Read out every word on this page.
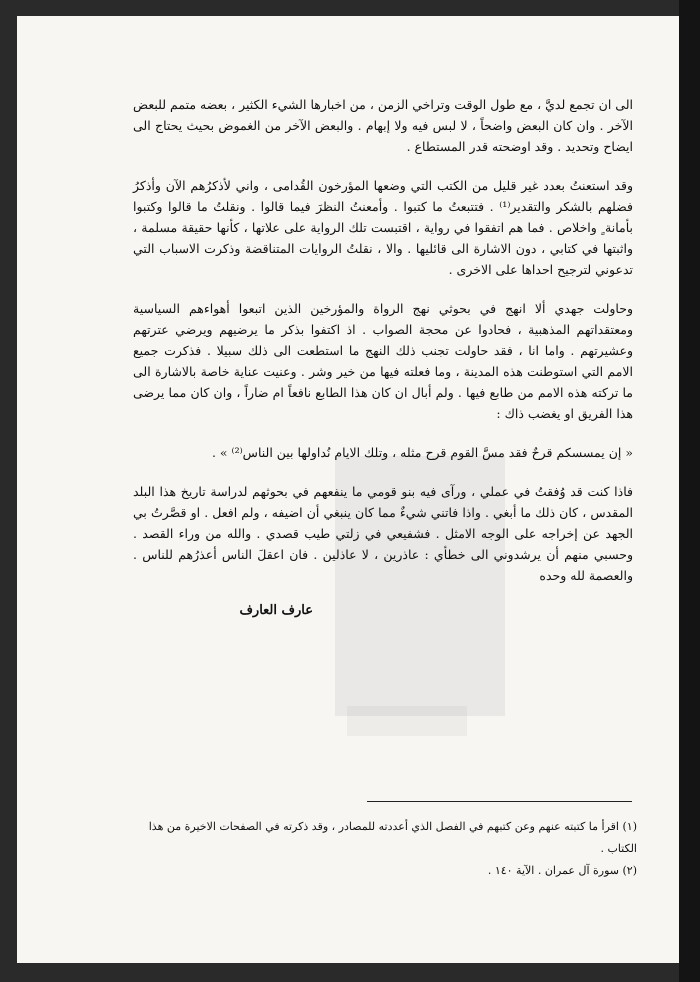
الى ان تجمع لديَّ ، مع طول الوقت وتراخي الزمن ، من اخبارها الشيء الكثير ، بعضه متمم للبعض الآخر . وان كان البعض واضحاً ، لا لبس فيه ولا إبهام . والبعض الآخر من الغموض بحيث يحتاج الى ايضاح وتحديد . وقد اوضحته قدر المستطاع .

وقد استعنتُ بعدد غير قليل من الكتب التي وضعها المؤرخون القُدامى ، واني لأذكرُهم الآن وأذكرُ فضلهم بالشكر والتقدير⁽¹⁾ . فتتبعتُ ما كتبوا . وأمعنتُ النظرَ فيما قالوا . ونقلتُ ما قالوا وكتبوا بأمانة ٍ واخلاص . فما هم اتفقوا في رواية ، اقتبست تلك الرواية على علاتها ، كأنها حقيقة مسلمة ، واثبتها في كتابي ، دون الاشارة الى قائليها . والا ، نقلتُ الروايات المتناقضة وذكرت الاسباب التي تدعوني لترجيح احداها على الاخرى .

وحاولت جهدي ألا انهج في بحوثي نهج الرواة والمؤرخين الذين اتبعوا أهواءهم السياسية ومعتقداتهم المذهبية ، فحادوا عن محجة الصواب . اذ اكتفوا بذكر ما يرضيهم ويرضي عترتهم وعشيرتهم . واما انا ، فقد حاولت تجنب ذلك النهج ما استطعت الى ذلك سبيلا . فذكرت جميع الامم التي استوطنت هذه المدينة ، وما فعلته فيها من خير وشر . وعنيت عناية خاصة بالاشارة الى ما تركته هذه الامم من طابع فيها . ولم أبال ان كان هذا الطابع نافعاً ام ضاراً ، وان كان مما يرضى هذا الفريق او يغضب ذاك :

« إن يمسسكم قرحٌ فقد مسَّ القوم قرح مثله ، وتلك الايام نُداولها بين الناس⁽²⁾ » .

فاذا كنت قد وُفقتُ في عملي ، ورآى فيه بنو قومي ما ينفعهم في بحوثهم لدراسة تاريخ هذا البلد المقدس ، كان ذلك ما أبغي . واذا فاتني شيءٌ مما كان ينبغي أن اضيفه ، ولم افعل . او قصَّرتُ بي الجهد عن إخراجه على الوجه الامثل . فشفيعي في زلتي طيب قصدي . والله من وراء القصد . وحسبي منهم أن يرشدوني الى خطأي : عاذرين ، لا عاذلين . فان اعقلَ الناس أعذرُهم للناس . والعصمة لله وحده

عارف العارف

(١) اقرأ ما كتبته عنهم وعن كتبهم في الفصل الذي أعددته للمصادر ، وقد ذكرته في الصفحات الاخيرة من هذا الكتاب .

(٢) سورة آل عمران . الآية ١٤٠ .
